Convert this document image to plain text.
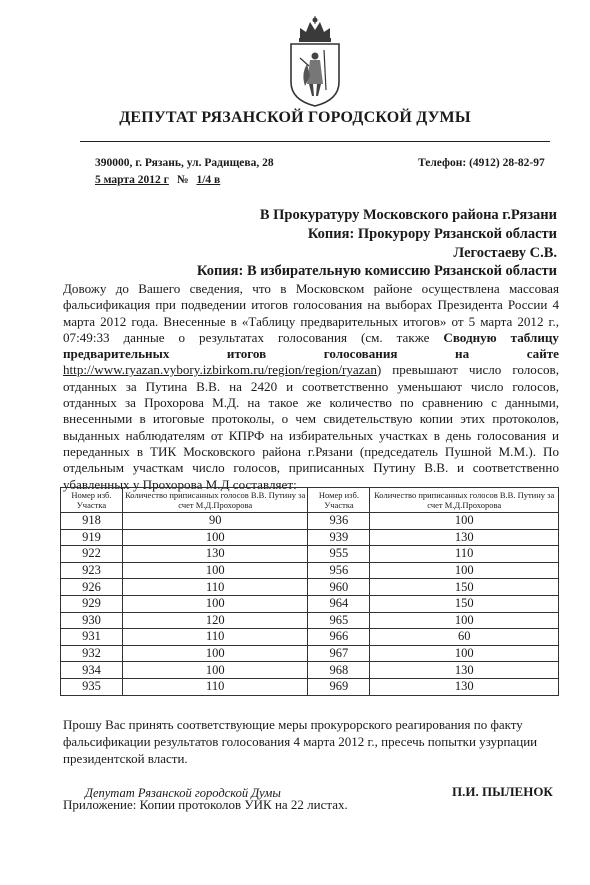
ДЕПУТАТ РЯЗАНСКОЙ ГОРОДСКОЙ ДУМЫ
390000, г. Рязань, ул. Радищева, 28	Телефон: (4912) 28-82-97
5 марта 2012 г № 1/4 в
В Прокуратуру Московского района г.Рязани
Копия: Прокурору Рязанской области
Легостаеву С.В.
Копия: В избирательную комиссию Рязанской области
Довожу до Вашего сведения, что в Московском районе осуществлена массовая фальсификация при подведении итогов голосования на выборах Президента России 4 марта 2012 года. Внесенные в «Таблицу предварительных итогов» от 5 марта 2012 г., 07:49:33 данные о результатах голосования (см. также Сводную таблицу предварительных итогов голосования на сайте http://www.ryazan.vybory.izbirkom.ru/region/region/ryazan) превышают число голосов, отданных за Путина В.В. на 2420 и соответственно уменьшают число голосов, отданных за Прохорова М.Д. на такое же количество по сравнению с данными, внесенными в итоговые протоколы, о чем свидетельствую копии этих протоколов, выданных наблюдателям от КПРФ на избирательных участках в день голосования и переданных в ТИК Московского района г.Рязани (председатель Пушной М.М.). По отдельным участкам число голосов, приписанных Путину В.В. и соответственно убавленных у Прохорова М.Д составляет:
Номер изб. Участка	Количество приписанных голосов В.В. Путину за счет М.Д.Прохорова	Номер изб. Участка	Количество приписанных голосов В.В. Путину за счет М.Д.Прохорова
918	90	936	100
919	100	939	130
922	130	955	110
923	100	956	100
926	110	960	150
929	100	964	150
930	120	965	100
931	110	966	60
932	100	967	100
934	100	968	130
935	110	969	130
Прошу Вас принять соответствующие меры прокурорского реагирования по факту фальсификации результатов голосования 4 марта 2012 г., пресечь попытки узурпации президентской власти.
Депутат Рязанской городской Думы	П.И. ПЫЛЕНОК
Приложение: Копии протоколов УИК на 22 листах.
